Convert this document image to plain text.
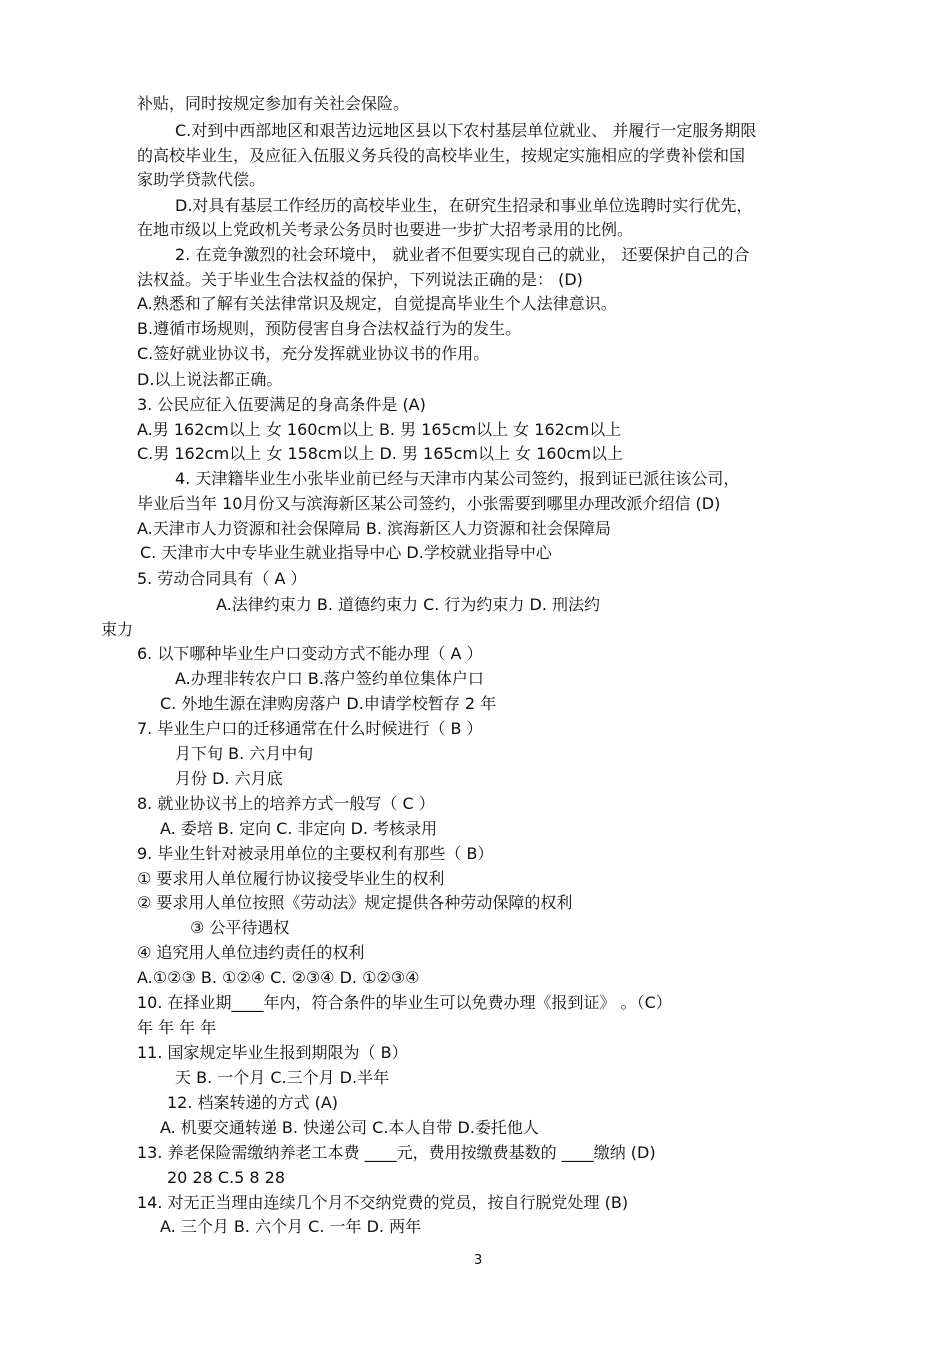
补贴，同时按规定参加有关社会保险。
C.对到中西部地区和艰苦边远地区县以下农村基层单位就业、 并履行一定服务期限
的高校毕业生，及应征入伍服义务兵役的高校毕业生，按规定实施相应的学费补偿和国
家助学贷款代偿。
D.对具有基层工作经历的高校毕业生，在研究生招录和事业单位选聘时实行优先，
在地市级以上党政机关考录公务员时也要进一步扩大招考录用的比例。
2. 在竞争激烈的社会环境中， 就业者不但要实现自己的就业， 还要保护自己的合
法权益。关于毕业生合法权益的保护，下列说法正确的是： (D)
A.熟悉和了解有关法律常识及规定，自觉提高毕业生个人法律意识。
B.遵循市场规则，预防侵害自身合法权益行为的发生。
C.签好就业协议书，充分发挥就业协议书的作用。
D.以上说法都正确。
3. 公民应征入伍要满足的身高条件是 (A)
A.男 162cm以上 女 160cm以上 B. 男 165cm以上 女 162cm以上
C.男 162cm以上 女 158cm以上 D. 男 165cm以上 女 160cm以上
4. 天津籍毕业生小张毕业前已经与天津市内某公司签约，报到证已派往该公司，
毕业后当年 10月份又与滨海新区某公司签约，小张需要到哪里办理改派介绍信 (D)
A.天津市人力资源和社会保障局 B. 滨海新区人力资源和社会保障局
C. 天津市大中专毕业生就业指导中心 D.学校就业指导中心
5. 劳动合同具有（ A ）
A.法律约束力 B. 道德约束力 C. 行为约束力 D. 刑法约
束力
6. 以下哪种毕业生户口变动方式不能办理（ A ）
A.办理非转农户口 B.落户签约单位集体户口
C. 外地生源在津购房落户 D.申请学校暂存 2 年
7. 毕业生户口的迁移通常在什么时候进行（ B ）
月下旬 B. 六月中旬
月份 D. 六月底
8. 就业协议书上的培养方式一般写（ C ）
A. 委培 B. 定向 C. 非定向 D. 考核录用
9. 毕业生针对被录用单位的主要权利有那些（ B）
① 要求用人单位履行协议接受毕业生的权利
② 要求用人单位按照《劳动法》规定提供各种劳动保障的权利
③ 公平待遇权
④ 追究用人单位违约责任的权利
A.①②③ B. ①②④ C. ②③④ D. ①②③④
10. 在择业期____年内，符合条件的毕业生可以免费办理《报到证》 。（C）
年 年 年 年
11. 国家规定毕业生报到期限为（ B）
天 B. 一个月 C.三个月 D.半年
12. 档案转递的方式 (A)
A. 机要交通转递 B. 快递公司 C.本人自带 D.委托他人
13. 养老保险需缴纳养老工本费 ____元，费用按缴费基数的 ____缴纳 (D)
20 28 C.5 8 28
14. 对无正当理由连续几个月不交纳党费的党员，按自行脱党处理 (B)
A. 三个月 B. 六个月 C. 一年 D. 两年
3
